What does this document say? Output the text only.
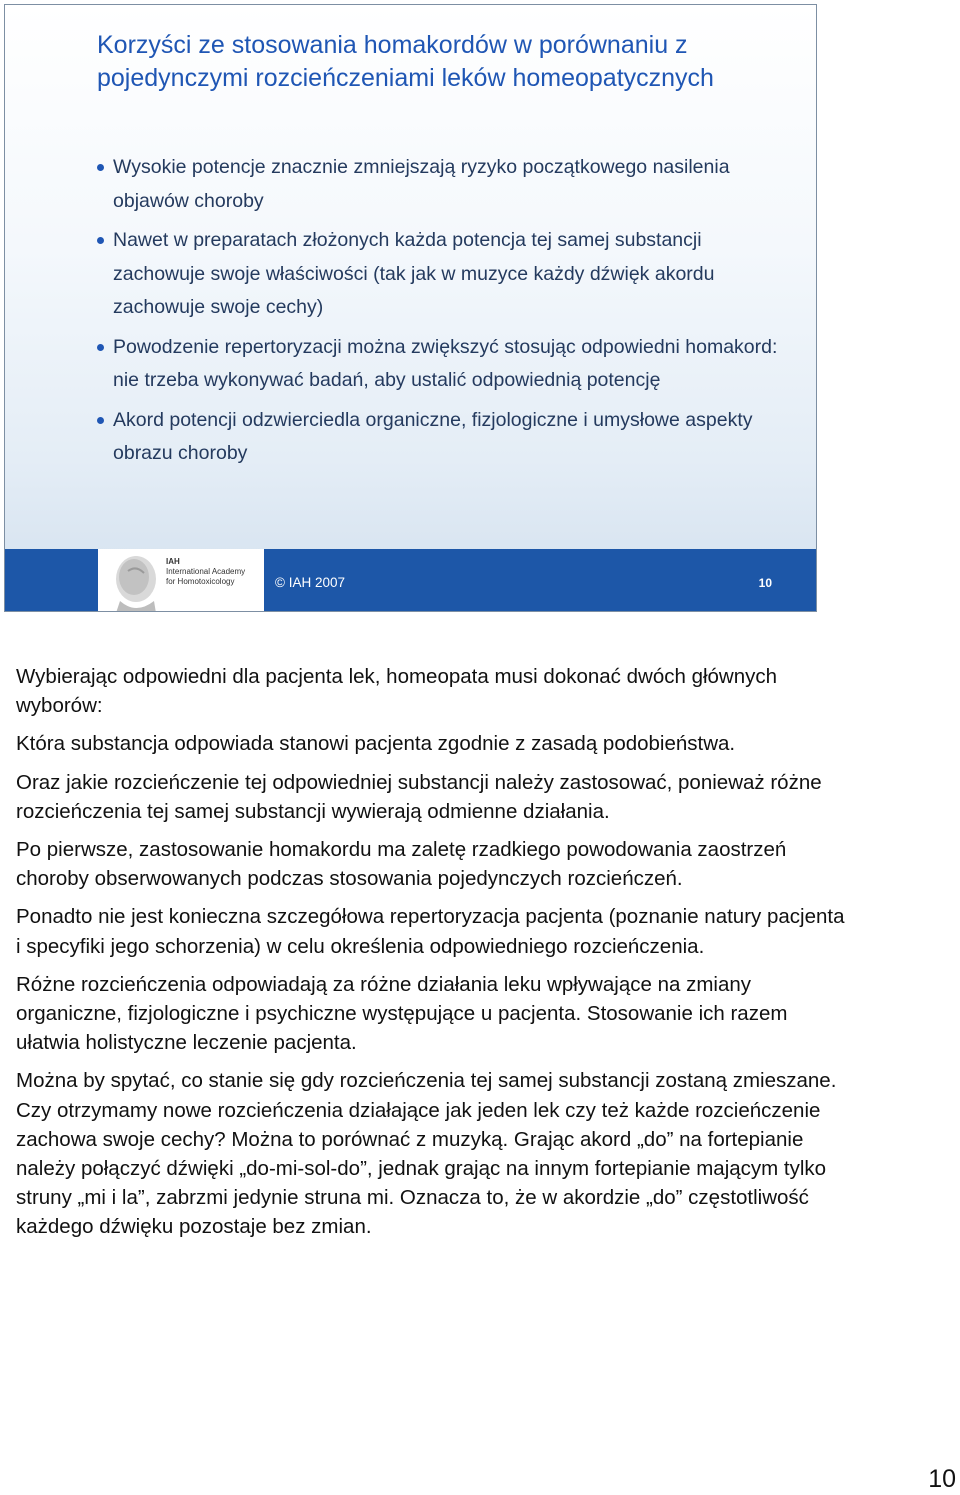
Korzyści ze stosowania homakordów w porównaniu z pojedynczymi rozcieńczeniami leków homeopatycznych
Wysokie potencje znacznie zmniejszają ryzyko początkowego nasilenia objawów choroby
Nawet w preparatach złożonych każda potencja tej samej substancji zachowuje swoje właściwości (tak jak w muzyce każdy dźwięk akordu zachowuje swoje cechy)
Powodzenie repertoryzacji można zwiększyć stosując odpowiedni homakord: nie trzeba wykonywać badań, aby ustalić odpowiednią potencję
Akord potencji odzwierciedla organiczne, fizjologiczne i umysłowe aspekty obrazu choroby
IAH
International Academy
for Homotoxicology	© IAH 2007	10

Wybierając odpowiedni dla pacjenta lek, homeopata musi dokonać dwóch głównych wyborów:

Która substancja odpowiada stanowi pacjenta zgodnie z zasadą podobieństwa.

Oraz jakie rozcieńczenie tej odpowiedniej substancji należy zastosować, ponieważ różne rozcieńczenia tej samej substancji wywierają odmienne działania.

Po pierwsze, zastosowanie homakordu ma zaletę rzadkiego powodowania zaostrzeń choroby obserwowanych podczas stosowania pojedynczych rozcieńczeń.

Ponadto nie jest konieczna szczegółowa repertoryzacja pacjenta (poznanie natury pacjenta i specyfiki jego schorzenia) w celu określenia odpowiedniego rozcieńczenia.

Różne rozcieńczenia odpowiadają za różne działania leku wpływające na zmiany organiczne, fizjologiczne i psychiczne występujące u pacjenta. Stosowanie ich razem ułatwia holistyczne leczenie pacjenta.

Można by spytać, co stanie się gdy rozcieńczenia tej samej substancji zostaną zmieszane. Czy otrzymamy nowe rozcieńczenia działające jak jeden lek czy też każde rozcieńczenie zachowa swoje cechy? Można to porównać z muzyką. Grając akord „do” na fortepianie należy połączyć dźwięki „do-mi-sol-do”, jednak grając na innym fortepianie mającym tylko struny „mi i la”, zabrzmi jedynie struna mi. Oznacza to, że w akordzie „do” częstotliwość każdego dźwięku pozostaje bez zmian.

10
